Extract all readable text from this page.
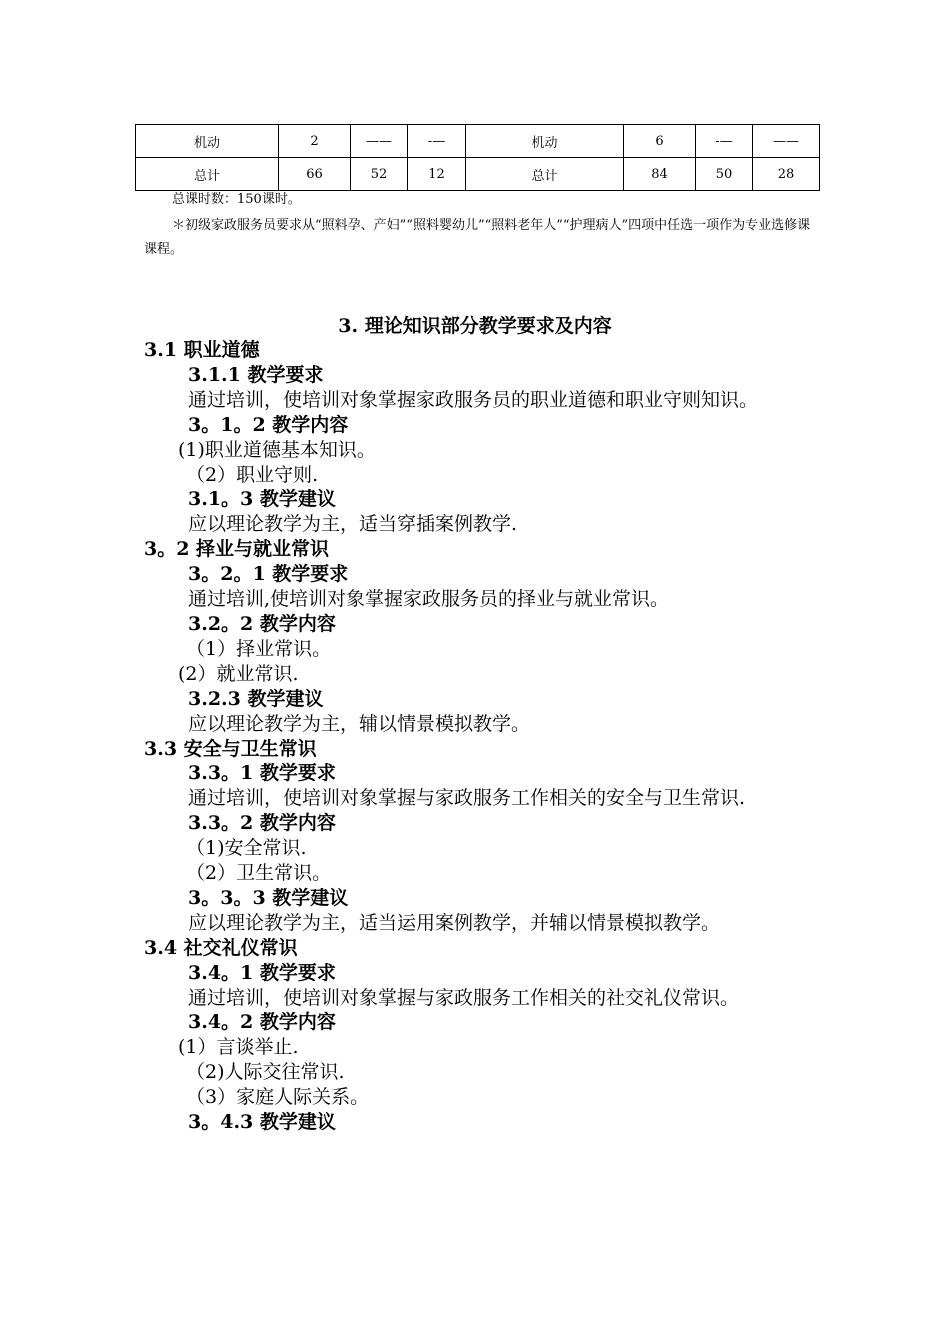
机动	2	——	-—	机动	6	-—	——
总计	66	52	12	总计	84	50	28
总课时数：150课时。
＊初级家政服务员要求从“照料孕、产妇”“照料婴幼儿”“照料老年人”“护理病人”四项中任选一项作为专业选修课课程。
3. 理论知识部分教学要求及内容
3.1 职业道德
3.1.1 教学要求
通过培训，使培训对象掌握家政服务员的职业道德和职业守则知识。
3。1。2 教学内容
(1)职业道德基本知识。
（2）职业守则.
3.1。3 教学建议
应以理论教学为主，适当穿插案例教学.
3。2 择业与就业常识
3。2。1 教学要求
通过培训,使培训对象掌握家政服务员的择业与就业常识。
3.2。2 教学内容
（1）择业常识。
(2）就业常识.
3.2.3 教学建议
应以理论教学为主，辅以情景模拟教学。
3.3 安全与卫生常识
3.3。1 教学要求
通过培训，使培训对象掌握与家政服务工作相关的安全与卫生常识.
3.3。2 教学内容
（1)安全常识.
（2）卫生常识。
3。3。3 教学建议
应以理论教学为主，适当运用案例教学，并辅以情景模拟教学。
3.4 社交礼仪常识
3.4。1 教学要求
通过培训，使培训对象掌握与家政服务工作相关的社交礼仪常识。
3.4。2 教学内容
(1）言谈举止.
（2)人际交往常识.
（3）家庭人际关系。
3。4.3 教学建议
